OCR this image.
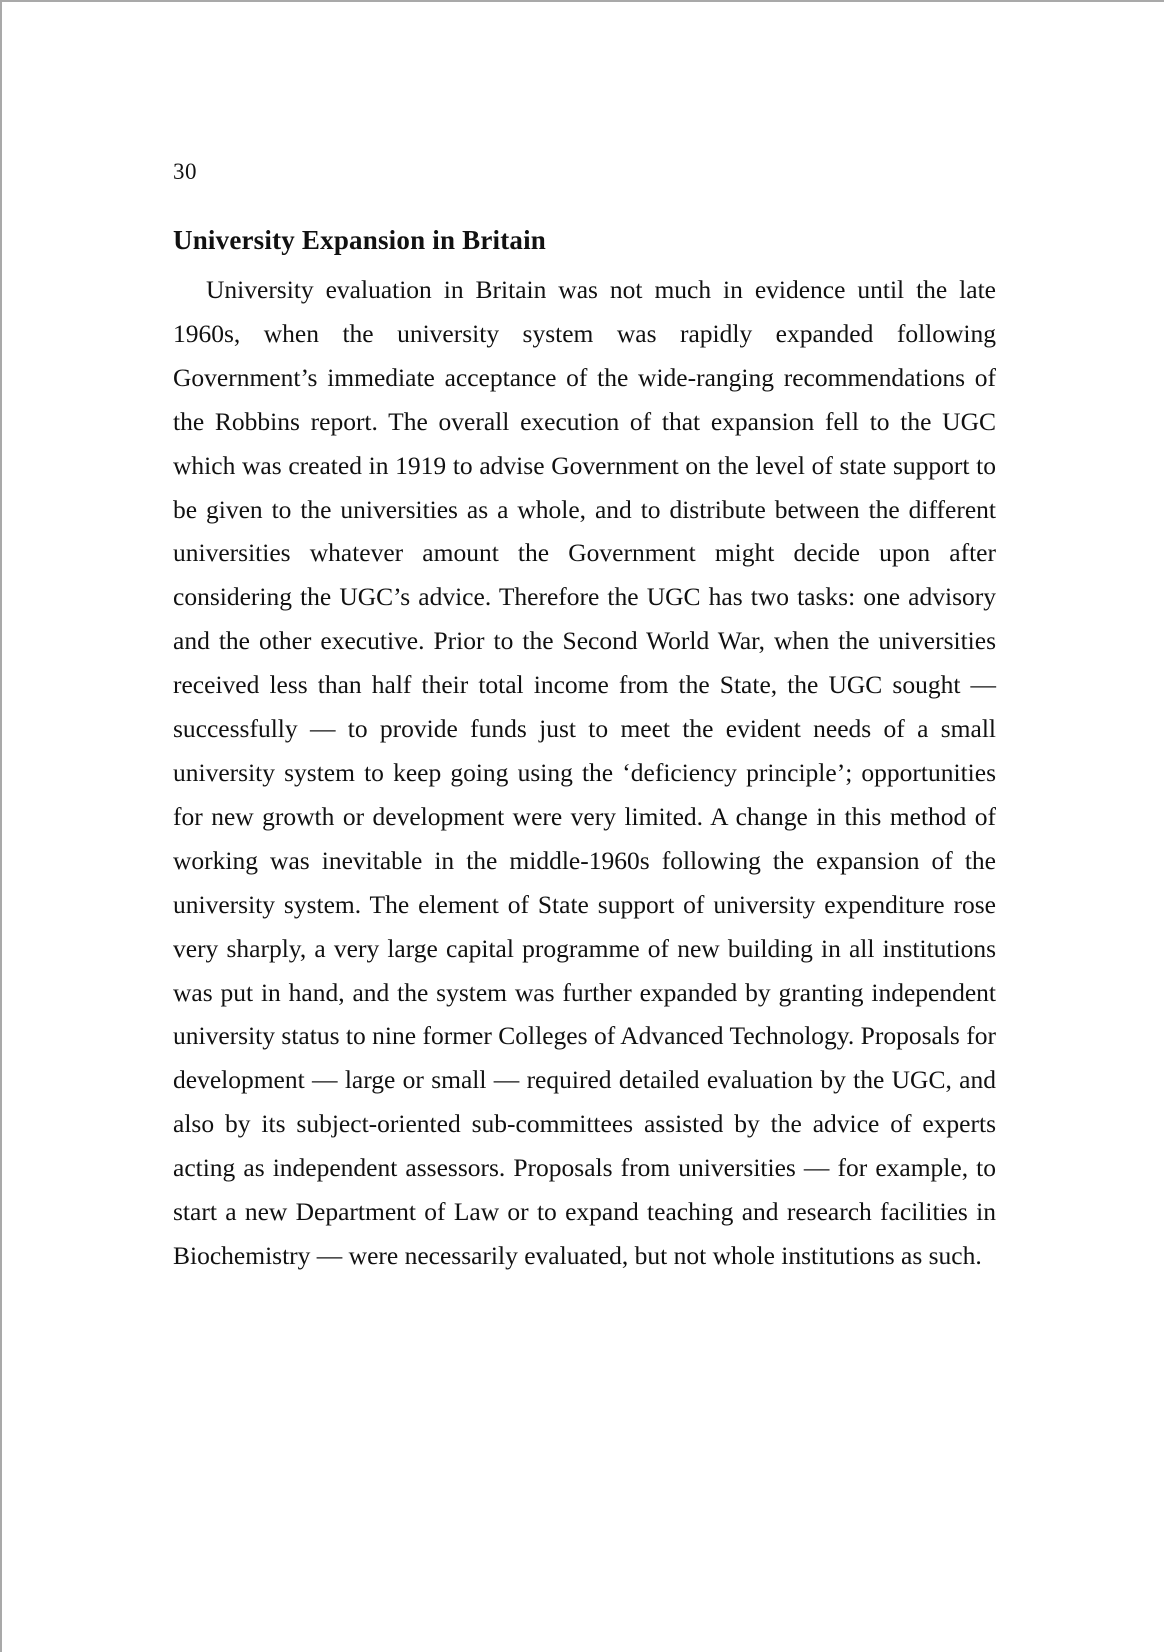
30
University Expansion in Britain

University evaluation in Britain was not much in evidence until the late 1960s, when the university system was rapidly expanded following Government’s immediate acceptance of the wide-ranging recommendations of the Robbins report. The overall execution of that expansion fell to the UGC which was created in 1919 to advise Government on the level of state support to be given to the universities as a whole, and to distribute between the different universities whatever amount the Government might decide upon after considering the UGC’s advice. Therefore the UGC has two tasks: one advisory and the other executive. Prior to the Second World War, when the universities received less than half their total income from the State, the UGC sought — successfully — to provide funds just to meet the evident needs of a small university system to keep going using the ‘deficiency principle’; opportunities for new growth or development were very limited. A change in this method of working was inevitable in the middle-1960s following the expansion of the university system. The element of State support of university expenditure rose very sharply, a very large capital programme of new building in all institutions was put in hand, and the system was further expanded by granting independent university status to nine former Colleges of Advanced Technology. Proposals for development — large or small — required detailed evaluation by the UGC, and also by its subject-oriented sub-committees assisted by the advice of experts acting as independent assessors. Proposals from universities — for example, to start a new Department of Law or to expand teaching and research facilities in Biochemistry — were necessarily evaluated, but not whole institutions as such.
